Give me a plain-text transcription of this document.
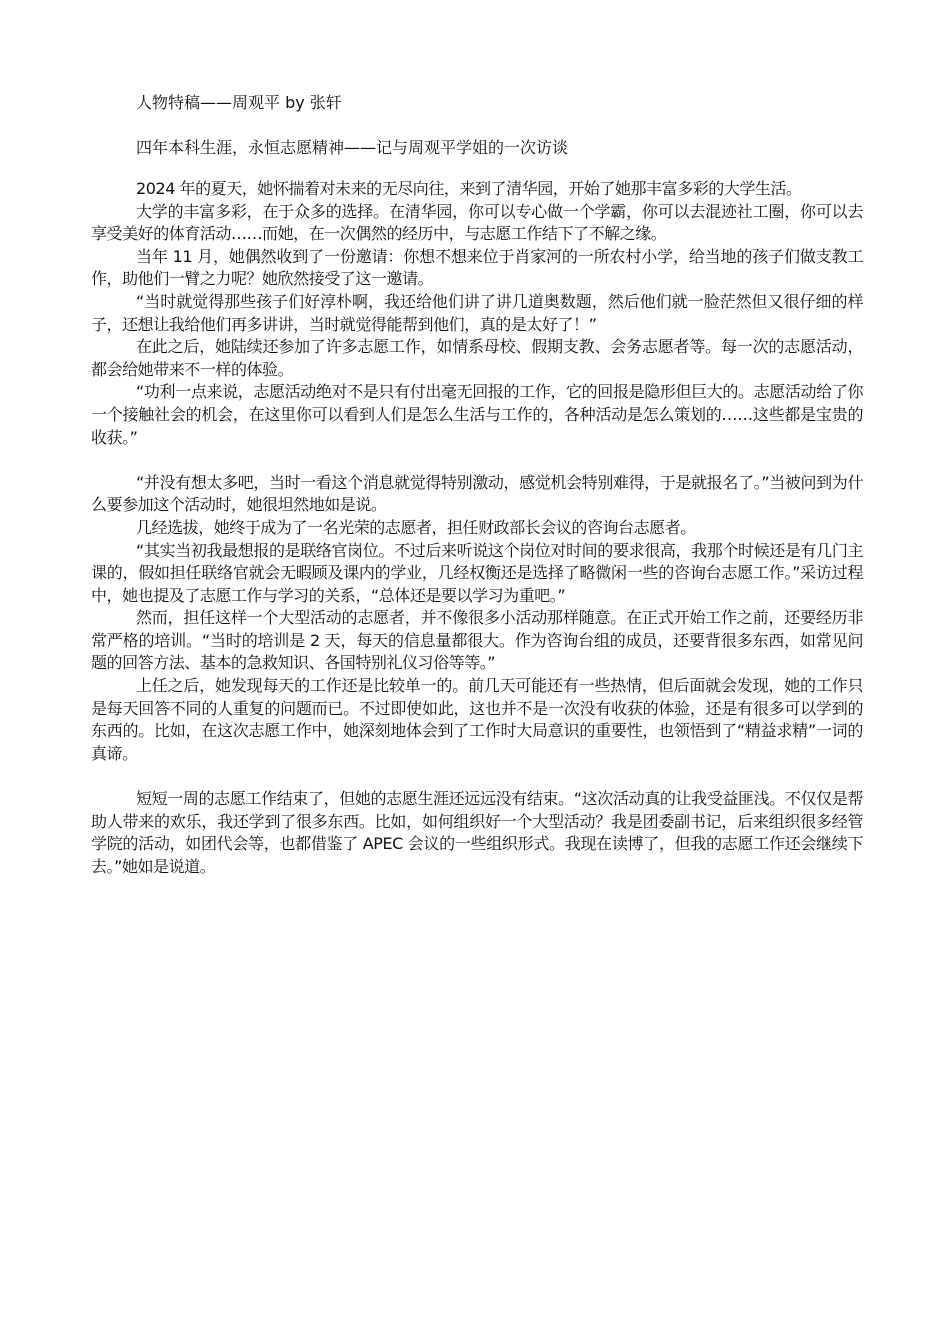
人物特稿——周观平 by 张轩

四年本科生涯，永恒志愿精神——记与周观平学姐的一次访谈

2024 年的夏天，她怀揣着对未来的无尽向往，来到了清华园，开始了她那丰富多彩的大学生活。

大学的丰富多彩，在于众多的选择。在清华园，你可以专心做一个学霸，你可以去混迹社工圈，你可以去享受美好的体育活动……而她，在一次偶然的经历中，与志愿工作结下了不解之缘。

当年 11 月，她偶然收到了一份邀请：你想不想来位于肖家河的一所农村小学，给当地的孩子们做支教工作，助他们一臂之力呢？她欣然接受了这一邀请。

“当时就觉得那些孩子们好淳朴啊，我还给他们讲了讲几道奥数题，然后他们就一脸茫然但又很仔细的样子，还想让我给他们再多讲讲，当时就觉得能帮到他们，真的是太好了！”

在此之后，她陆续还参加了许多志愿工作，如情系母校、假期支教、会务志愿者等。每一次的志愿活动，都会给她带来不一样的体验。

“功利一点来说，志愿活动绝对不是只有付出毫无回报的工作，它的回报是隐形但巨大的。志愿活动给了你一个接触社会的机会，在这里你可以看到人们是怎么生活与工作的，各种活动是怎么策划的……这些都是宝贵的收获。”

“并没有想太多吧，当时一看这个消息就觉得特别激动，感觉机会特别难得，于是就报名了。”当被问到为什么要参加这个活动时，她很坦然地如是说。

几经选拔，她终于成为了一名光荣的志愿者，担任财政部长会议的咨询台志愿者。

“其实当初我最想报的是联络官岗位。不过后来听说这个岗位对时间的要求很高，我那个时候还是有几门主课的，假如担任联络官就会无暇顾及课内的学业，几经权衡还是选择了略微闲一些的咨询台志愿工作。”采访过程中，她也提及了志愿工作与学习的关系，“总体还是要以学习为重吧。”

然而，担任这样一个大型活动的志愿者，并不像很多小活动那样随意。在正式开始工作之前，还要经历非常严格的培训。“当时的培训是 2 天，每天的信息量都很大。作为咨询台组的成员，还要背很多东西，如常见问题的回答方法、基本的急救知识、各国特别礼仪习俗等等。”

上任之后，她发现每天的工作还是比较单一的。前几天可能还有一些热情，但后面就会发现，她的工作只是每天回答不同的人重复的问题而已。不过即使如此，这也并不是一次没有收获的体验，还是有很多可以学到的东西的。比如，在这次志愿工作中，她深刻地体会到了工作时大局意识的重要性，也领悟到了“精益求精”一词的真谛。

短短一周的志愿工作结束了，但她的志愿生涯还远远没有结束。“这次活动真的让我受益匪浅。不仅仅是帮助人带来的欢乐，我还学到了很多东西。比如，如何组织好一个大型活动？我是团委副书记，后来组织很多经管学院的活动，如团代会等，也都借鉴了 APEC 会议的一些组织形式。我现在读博了，但我的志愿工作还会继续下去。”她如是说道。
